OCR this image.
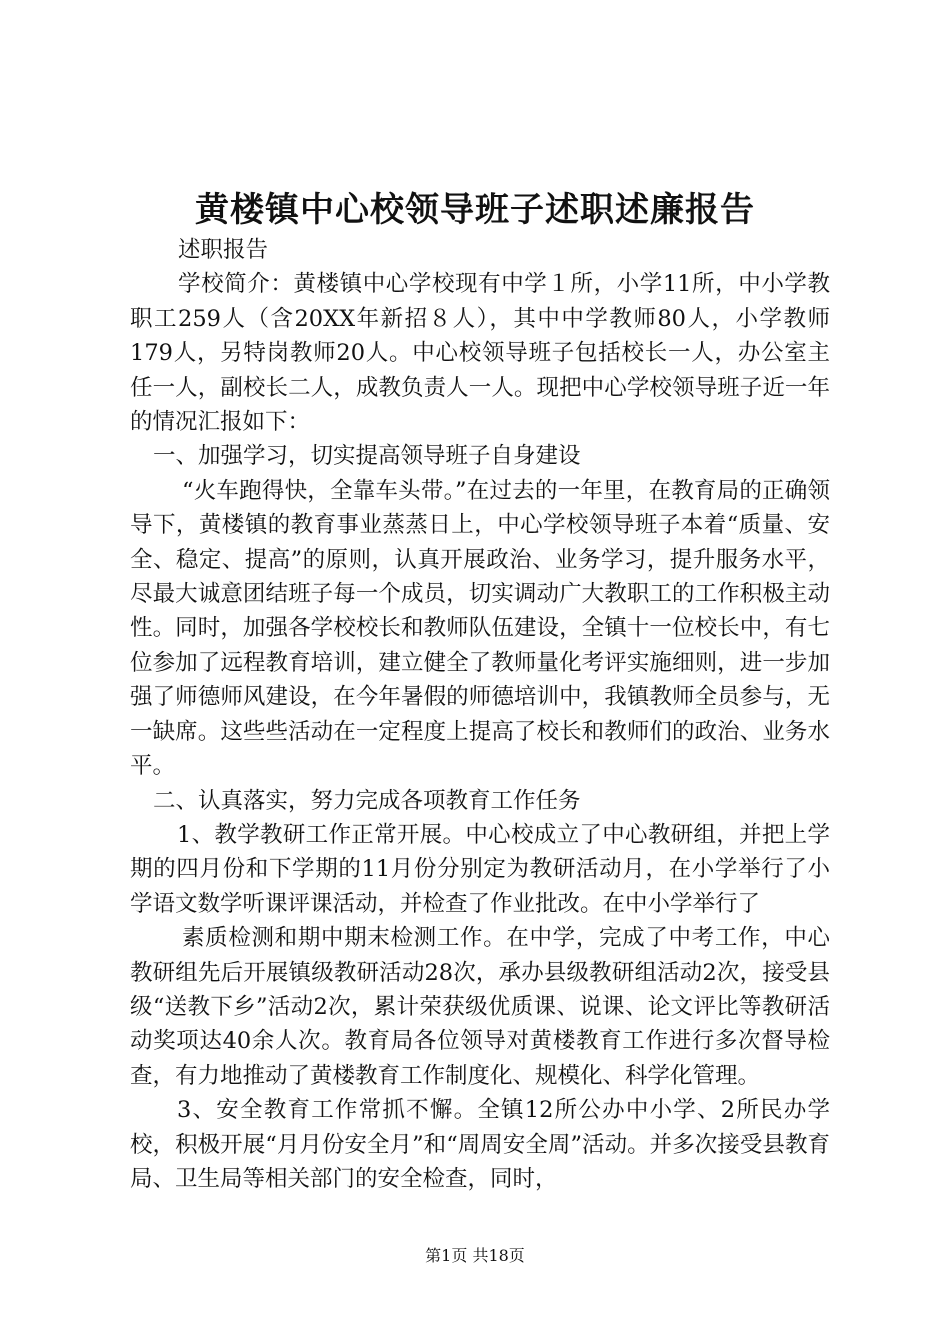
黄楼镇中心校领导班子述职述廉报告

述职报告

学校简介：黄楼镇中心学校现有中学１所，小学11所，中小学教职工259人（含20XX年新招８人），其中中学教师80人，小学教师179人，另特岗教师20人。中心校领导班子包括校长一人，办公室主任一人，副校长二人，成教负责人一人。现把中心学校领导班子近一年的情况汇报如下：

一、加强学习，切实提高领导班子自身建设

“火车跑得快，全靠车头带。”在过去的一年里，在教育局的正确领导下，黄楼镇的教育事业蒸蒸日上，中心学校领导班子本着“质量、安全、稳定、提高”的原则，认真开展政治、业务学习，提升服务水平，尽最大诚意团结班子每一个成员，切实调动广大教职工的工作积极主动性。同时，加强各学校校长和教师队伍建设，全镇十一位校长中，有七位参加了远程教育培训，建立健全了教师量化考评实施细则，进一步加强了师德师风建设，在今年暑假的师德培训中，我镇教师全员参与，无一缺席。这些些活动在一定程度上提高了校长和教师们的政治、业务水平。

二、认真落实，努力完成各项教育工作任务

1、教学教研工作正常开展。中心校成立了中心教研组，并把上学期的四月份和下学期的11月份分别定为教研活动月，在小学举行了小学语文数学听课评课活动，并检查了作业批改。在中小学举行了

素质检测和期中期末检测工作。在中学，完成了中考工作，中心教研组先后开展镇级教研活动28次，承办县级教研组活动2次，接受县级“送教下乡”活动2次，累计荣获级优质课、说课、论文评比等教研活动奖项达40余人次。教育局各位领导对黄楼教育工作进行多次督导检查，有力地推动了黄楼教育工作制度化、规模化、科学化管理。

3、安全教育工作常抓不懈。全镇12所公办中小学、2所民办学校，积极开展“月月份安全月”和“周周安全周”活动。并多次接受县教育局、卫生局等相关部门的安全检查，同时，

第1页 共18页
